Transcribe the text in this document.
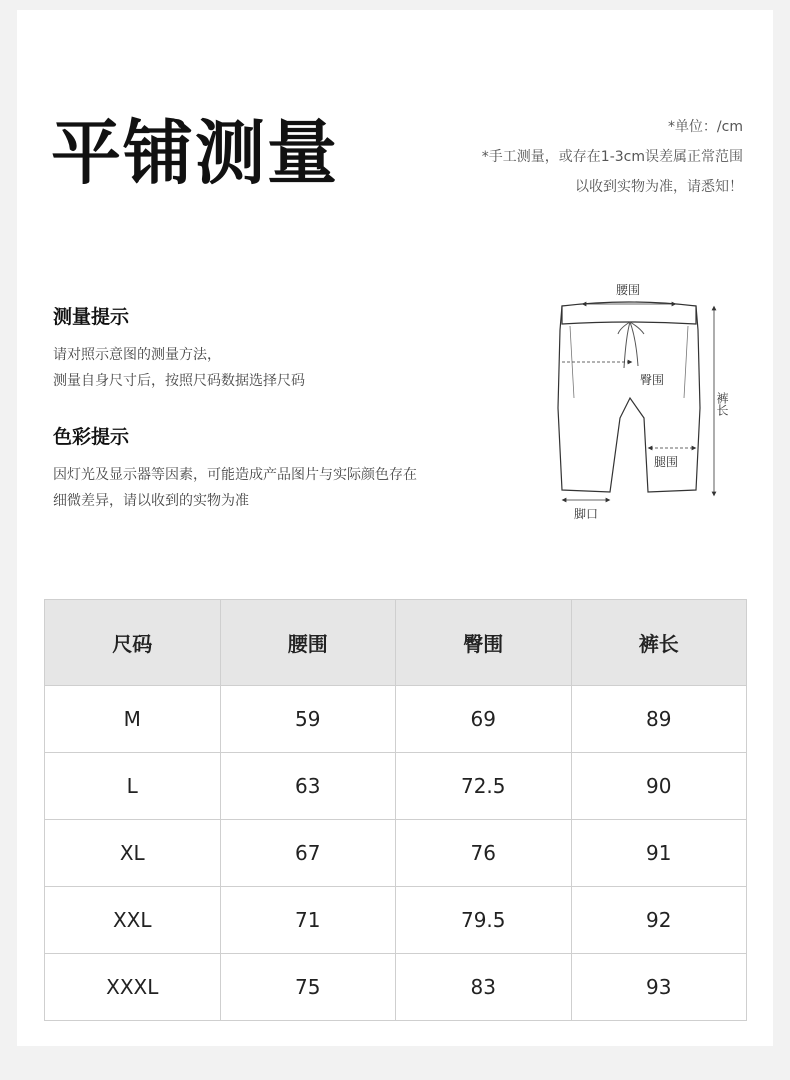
平铺测量	*单位：/cm
*手工测量，或存在1-3cm误差属正常范围
以收到实物为准，请悉知！
测量提示
请对照示意图的测量方法，
测量自身尺寸后，按照尺码数据选择尺码
色彩提示
因灯光及显示器等因素，可能造成产品图片与实际颜色存在
细微差异，请以收到的实物为准
腰围
臀围
腿围
脚口
裤长
尺码	腰围	臀围	裤长
M	59	69	89
L	63	72.5	90
XL	67	76	91
XXL	71	79.5	92
XXXL	75	83	93
